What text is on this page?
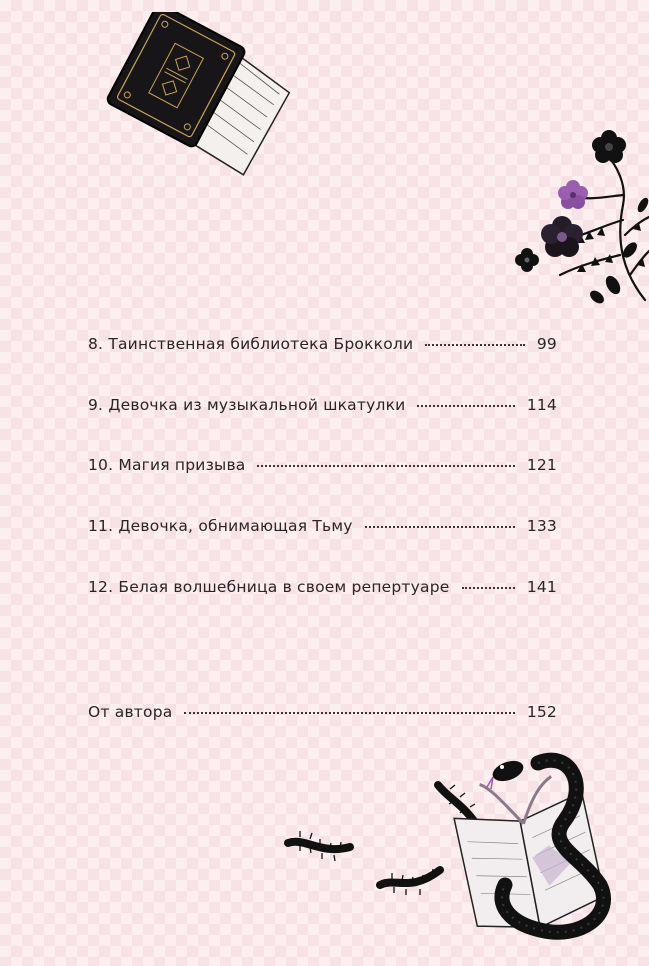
8. Таинственная библиотека Брокколи	99
9. Девочка из музыкальной шкатулки	114
10. Магия призыва	121
11. Девочка, обнимающая Тьму	133
12. Белая волшебница в своем репертуаре	141
От автора	152
